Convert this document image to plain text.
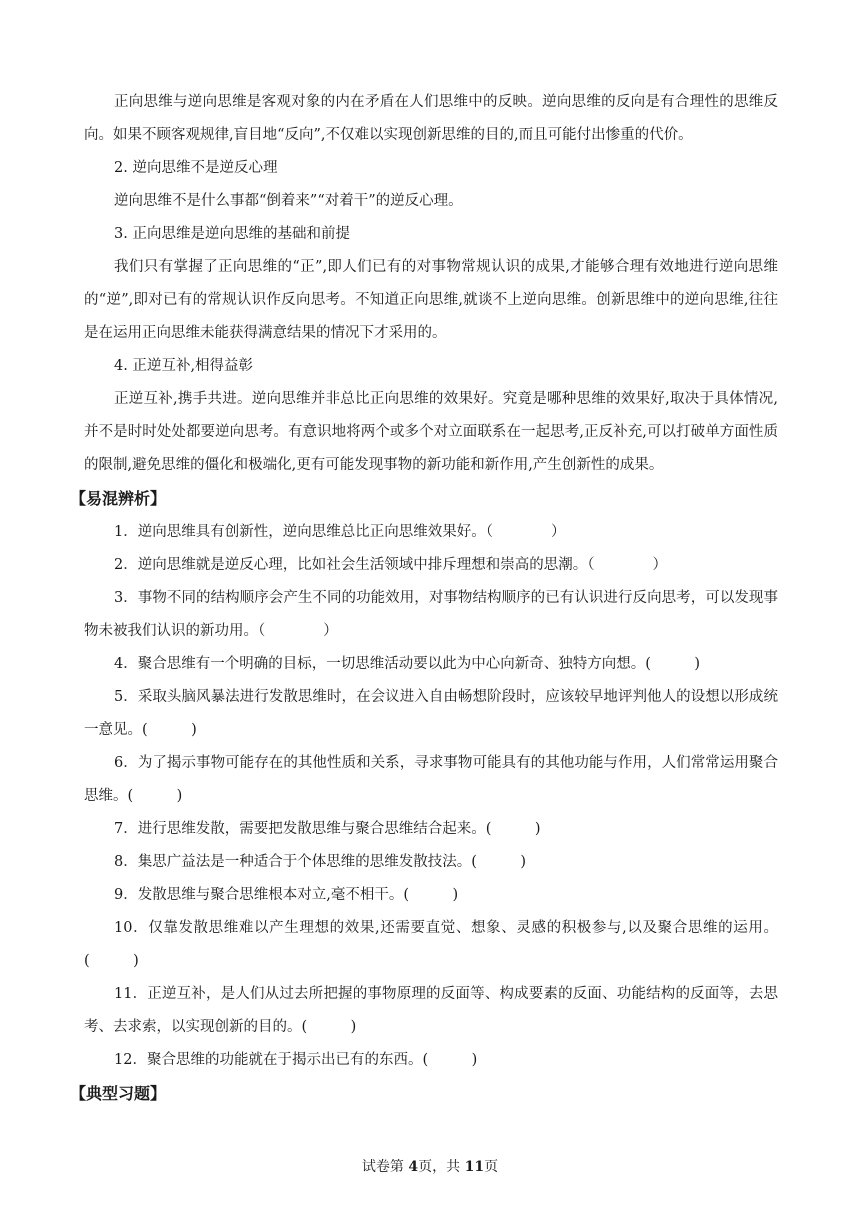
正向思维与逆向思维是客观对象的内在矛盾在人们思维中的反映。逆向思维的反向是有合理性的思维反向。如果不顾客观规律,盲目地“反向”,不仅难以实现创新思维的目的,而且可能付出惨重的代价。

2. 逆向思维不是逆反心理

逆向思维不是什么事都“倒着来”“对着干”的逆反心理。

3. 正向思维是逆向思维的基础和前提

我们只有掌握了正向思维的“正”,即人们已有的对事物常规认识的成果,才能够合理有效地进行逆向思维的“逆”,即对已有的常规认识作反向思考。不知道正向思维,就谈不上逆向思维。创新思维中的逆向思维,往往是在运用正向思维未能获得满意结果的情况下才采用的。

4. 正逆互补,相得益彰

正逆互补,携手共进。逆向思维并非总比正向思维的效果好。究竟是哪种思维的效果好,取决于具体情况,并不是时时处处都要逆向思考。有意识地将两个或多个对立面联系在一起思考,正反补充,可以打破单方面性质的限制,避免思维的僵化和极端化,更有可能发现事物的新功能和新作用,产生创新性的成果。

【易混辨析】

1．逆向思维具有创新性，逆向思维总比正向思维效果好。（　　　　）

2．逆向思维就是逆反心理，比如社会生活领域中排斥理想和崇高的思潮。（　　　　）

3．事物不同的结构顺序会产生不同的功能效用，对事物结构顺序的已有认识进行反向思考，可以发现事物未被我们认识的新功用。（　　　　）

4．聚合思维有一个明确的目标，一切思维活动要以此为中心向新奇、独特方向想。(　　　)

5．采取头脑风暴法进行发散思维时，在会议进入自由畅想阶段时，应该较早地评判他人的设想以形成统一意见。(　　　)

6．为了揭示事物可能存在的其他性质和关系，寻求事物可能具有的其他功能与作用，人们常常运用聚合思维。(　　　)

7．进行思维发散，需要把发散思维与聚合思维结合起来。(　　　)

8．集思广益法是一种适合于个体思维的思维发散技法。(　　　)

9．发散思维与聚合思维根本对立,毫不相干。(　　　)

10．仅靠发散思维难以产生理想的效果,还需要直觉、想象、灵感的积极参与,以及聚合思维的运用。(　　　)

11．正逆互补，是人们从过去所把握的事物原理的反面等、构成要素的反面、功能结构的反面等，去思考、去求索，以实现创新的目的。(　　　)

12．聚合思维的功能就在于揭示出已有的东西。(　　　)

【典型习题】

试卷第 4页，共 11页
